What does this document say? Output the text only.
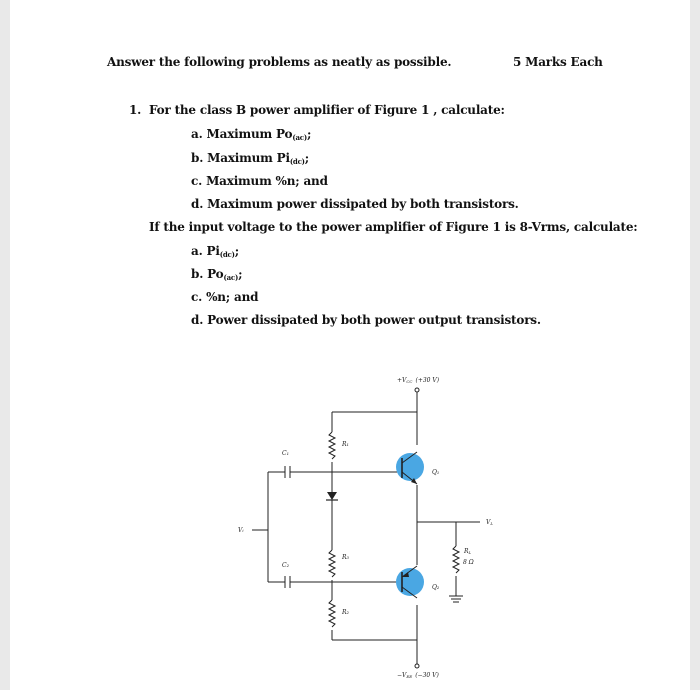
Answer the following problems as neatly as possible.	5 Marks Each
1. For the class B power amplifier of Figure 1 , calculate:
a. Maximum $Po_{(ac)}$;
b. Maximum $Pi_{(dc)}$;
c. Maximum %n; and
d. Maximum power dissipated by both transistors.
If the input voltage to the power amplifier of Figure 1 is 8-Vrms, calculate:
a. $Pi_{(dc)}$;
b. $Po_{(ac)}$;
c. %n; and
d. Power dissipated by both power output transistors.
+VCC (+30 V)
−VEE (−30 V)
C₁
C₂
R₁
R₃
R₂
RL
8 Ω
Q₁
Q₂
Vᵢ
VL
